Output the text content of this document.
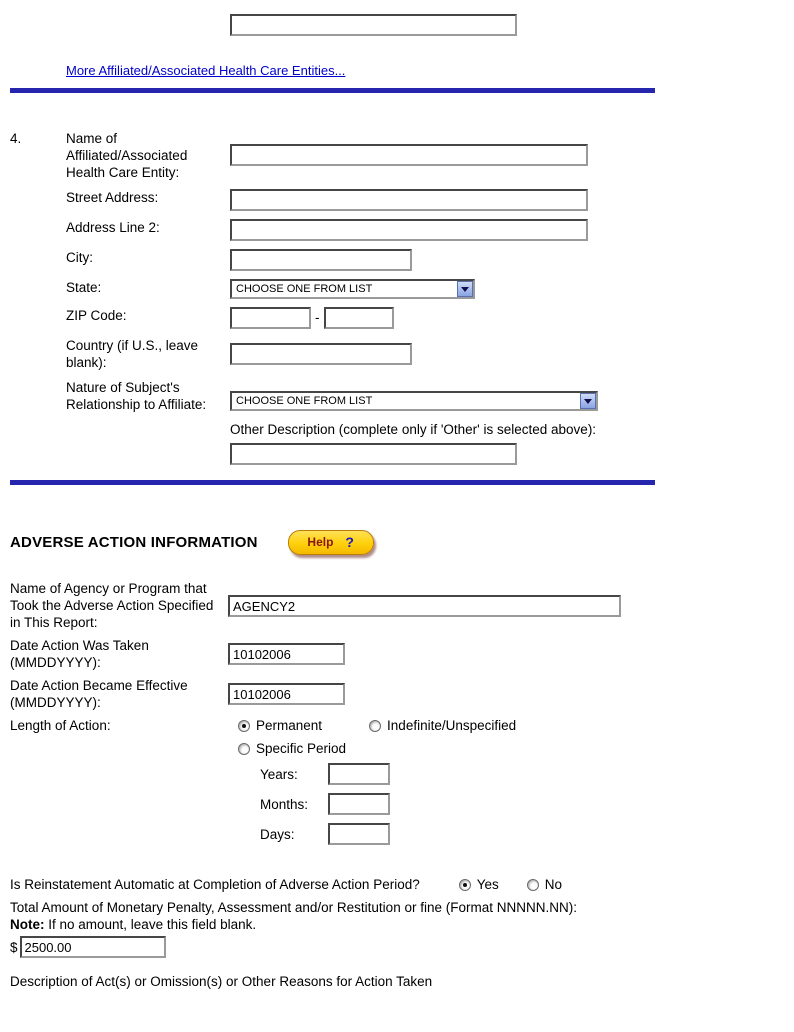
More Affiliated/Associated Health Care Entities...
4.	Name of Affiliated/Associated Health Care Entity:
Street Address:
Address Line 2:
City:
State:	CHOOSE ONE FROM LIST
ZIP Code:	-
Country (if U.S., leave blank):
Nature of Subject's Relationship to Affiliate:	CHOOSE ONE FROM LIST
Other Description (complete only if 'Other' is selected above):
ADVERSE ACTION INFORMATION	Help ?
Name of Agency or Program that Took the Adverse Action Specified in This Report:
AGENCY2
Date Action Was Taken (MMDDYYYY):
10102006
Date Action Became Effective (MMDDYYYY):
10102006
Length of Action:	Permanent	Indefinite/Unspecified
Specific Period
Years:
Months:
Days:
Is Reinstatement Automatic at Completion of Adverse Action Period?	Yes	No
Total Amount of Monetary Penalty, Assessment and/or Restitution or fine (Format NNNNN.NN):
Note: If no amount, leave this field blank.
$
2500.00
Description of Act(s) or Omission(s) or Other Reasons for Action Taken
